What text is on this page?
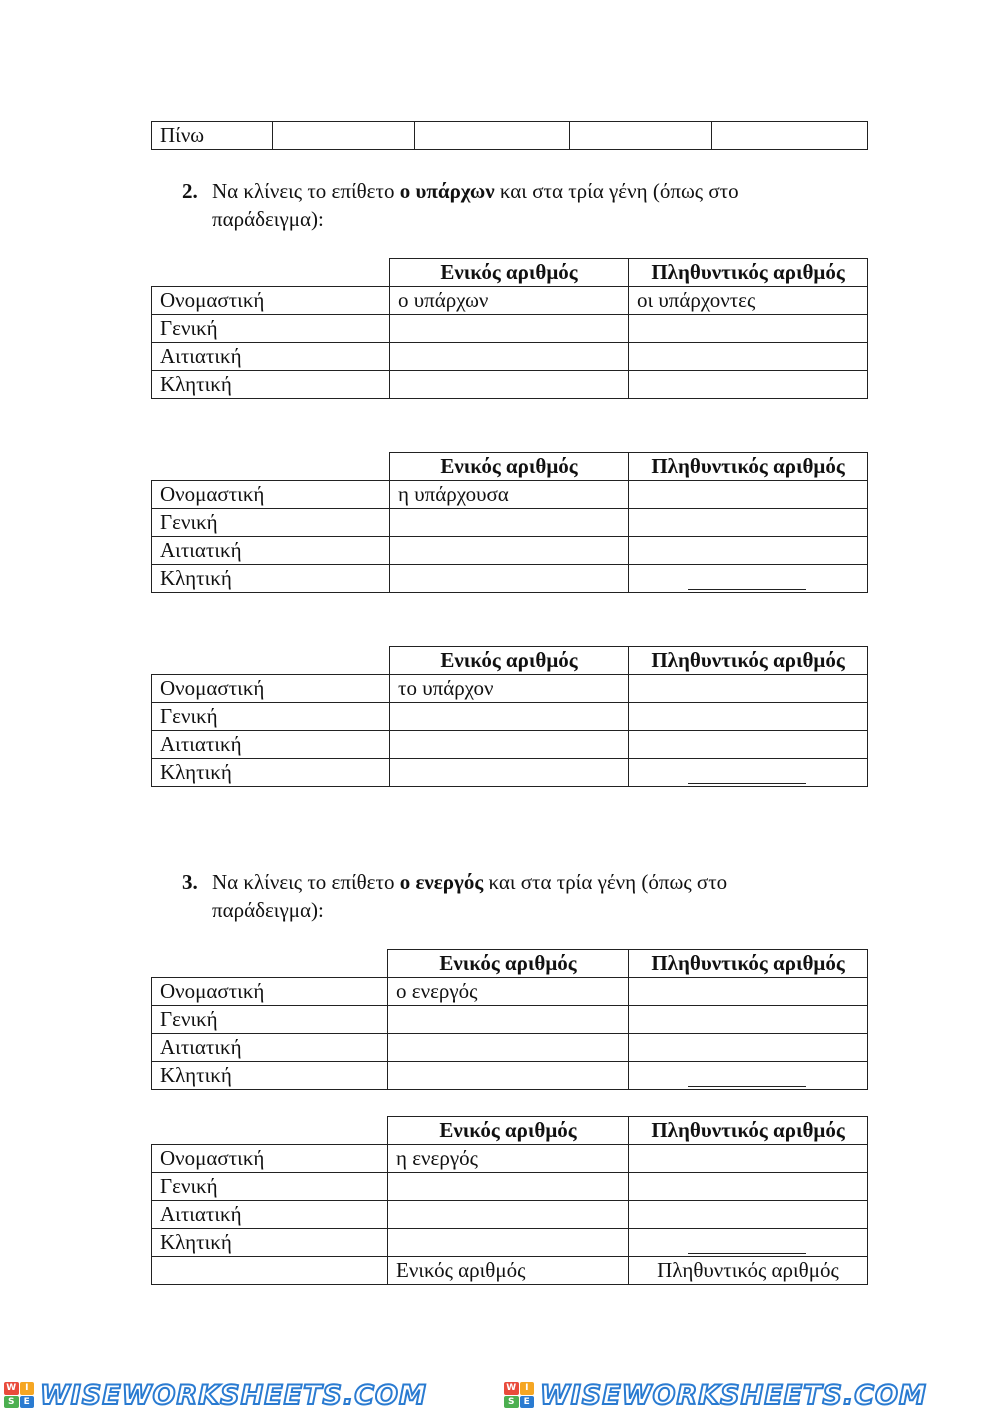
Πίνω				
2. Να κλίνεις το επίθετο ο υπάρχων και στα τρία γένη (όπως στο
παράδειγμα):
	Ενικός αριθμός	Πληθυντικός αριθμός
Ονομαστική	ο υπάρχων	οι υπάρχοντες
Γενική		
Αιτιατική		
Κλητική		
	Ενικός αριθμός	Πληθυντικός αριθμός
Ονομαστική	η υπάρχουσα	
Γενική		
Αιτιατική		
Κλητική		
	Ενικός αριθμός	Πληθυντικός αριθμός
Ονομαστική	το υπάρχον	
Γενική		
Αιτιατική		
Κλητική		
3. Να κλίνεις το επίθετο ο ενεργός και στα τρία γένη (όπως στο
παράδειγμα):
	Ενικός αριθμός	Πληθυντικός αριθμός
Ονομαστική	ο ενεργός	
Γενική		
Αιτιατική		
Κλητική		
	Ενικός αριθμός	Πληθυντικός αριθμός
Ονομαστική	η ενεργός	
Γενική		
Αιτιατική		
Κλητική		
	Ενικός αριθμός	Πληθυντικός αριθμός
W I
S	E WISEWORKSHEETS.COM	W I
S	E WISEWORKSHEETS.COM
